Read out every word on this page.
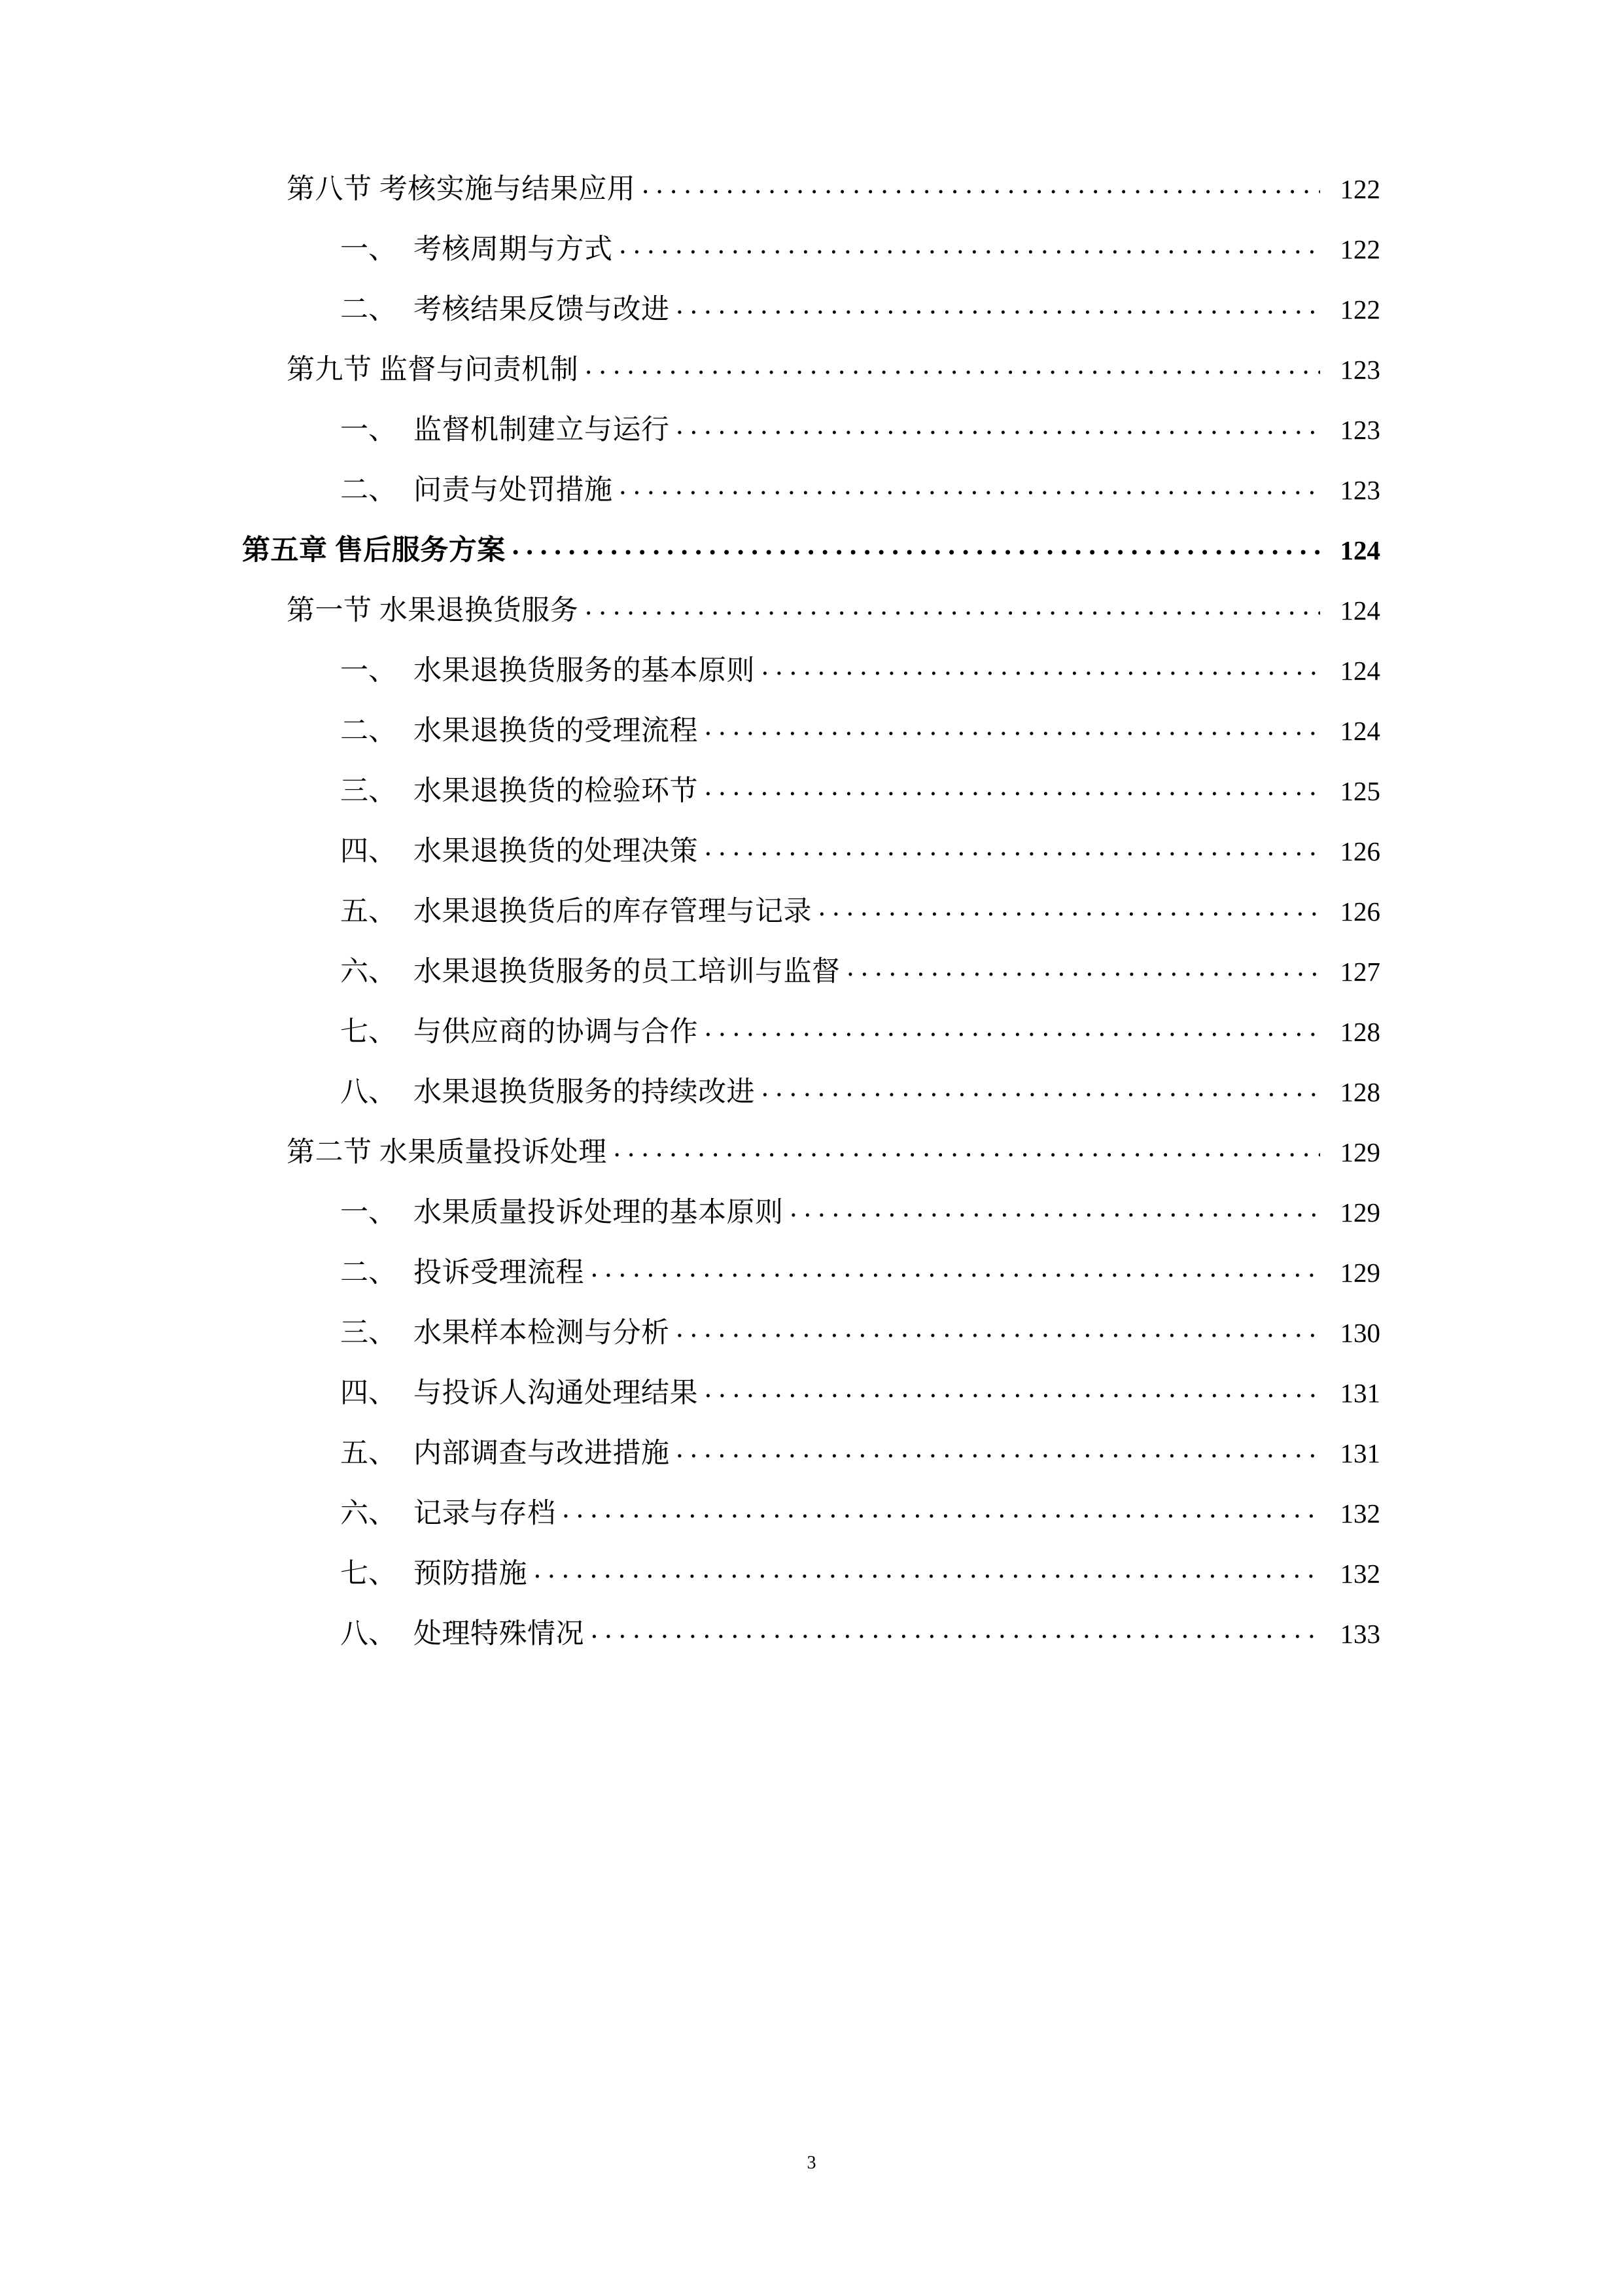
第八节 考核实施与结果应用 . . .	122
一、 考核周期与方式 . . .	122
二、 考核结果反馈与改进 . . .	122
第九节 监督与问责机制 . . .	123
一、 监督机制建立与运行 . . .	123
二、 问责与处罚措施 . . .	123
第五章 售后服务方案 . . .	124
第一节 水果退换货服务 . . .	124
一、 水果退换货服务的基本原则 . . .	124
二、 水果退换货的受理流程 . . .	124
三、 水果退换货的检验环节 . . .	125
四、 水果退换货的处理决策 . . .	126
五、 水果退换货后的库存管理与记录 . . .	126
六、 水果退换货服务的员工培训与监督 . . .	127
七、 与供应商的协调与合作 . . .	128
八、 水果退换货服务的持续改进 . . .	128
第二节 水果质量投诉处理 . . .	129
一、 水果质量投诉处理的基本原则 . . .	129
二、 投诉受理流程 . . .	129
三、 水果样本检测与分析 . . .	130
四、 与投诉人沟通处理结果 . . .	131
五、 内部调查与改进措施 . . .	131
六、 记录与存档 . . .	132
七、 预防措施 . . .	132
八、 处理特殊情况 . . .	133
3
